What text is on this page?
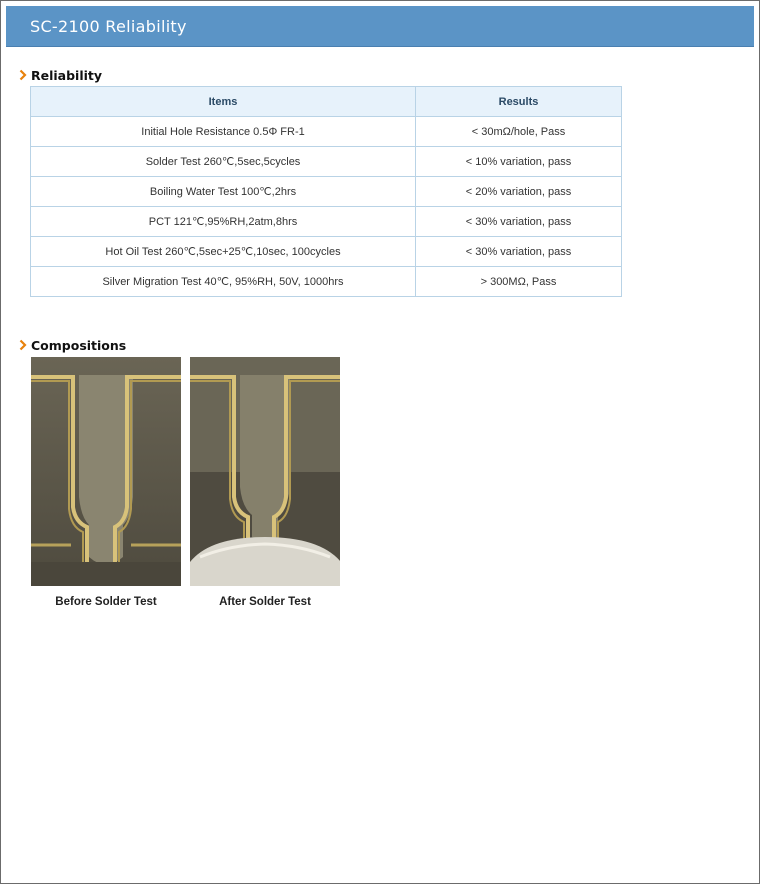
SC-2100 Reliability
Reliability
Items	Results
Initial Hole Resistance 0.5Φ FR-1	< 30mΩ/hole, Pass
Solder Test 260℃,5sec,5cycles	< 10% variation, pass
Boiling Water Test 100℃,2hrs	< 20% variation, pass
PCT 121℃,95%RH,2atm,8hrs	< 30% variation, pass
Hot Oil Test 260℃,5sec+25℃,10sec, 100cycles	< 30% variation, pass
Silver Migration Test 40℃, 95%RH, 50V, 1000hrs	> 300MΩ, Pass
Compositions
Before Solder Test	After Solder Test
